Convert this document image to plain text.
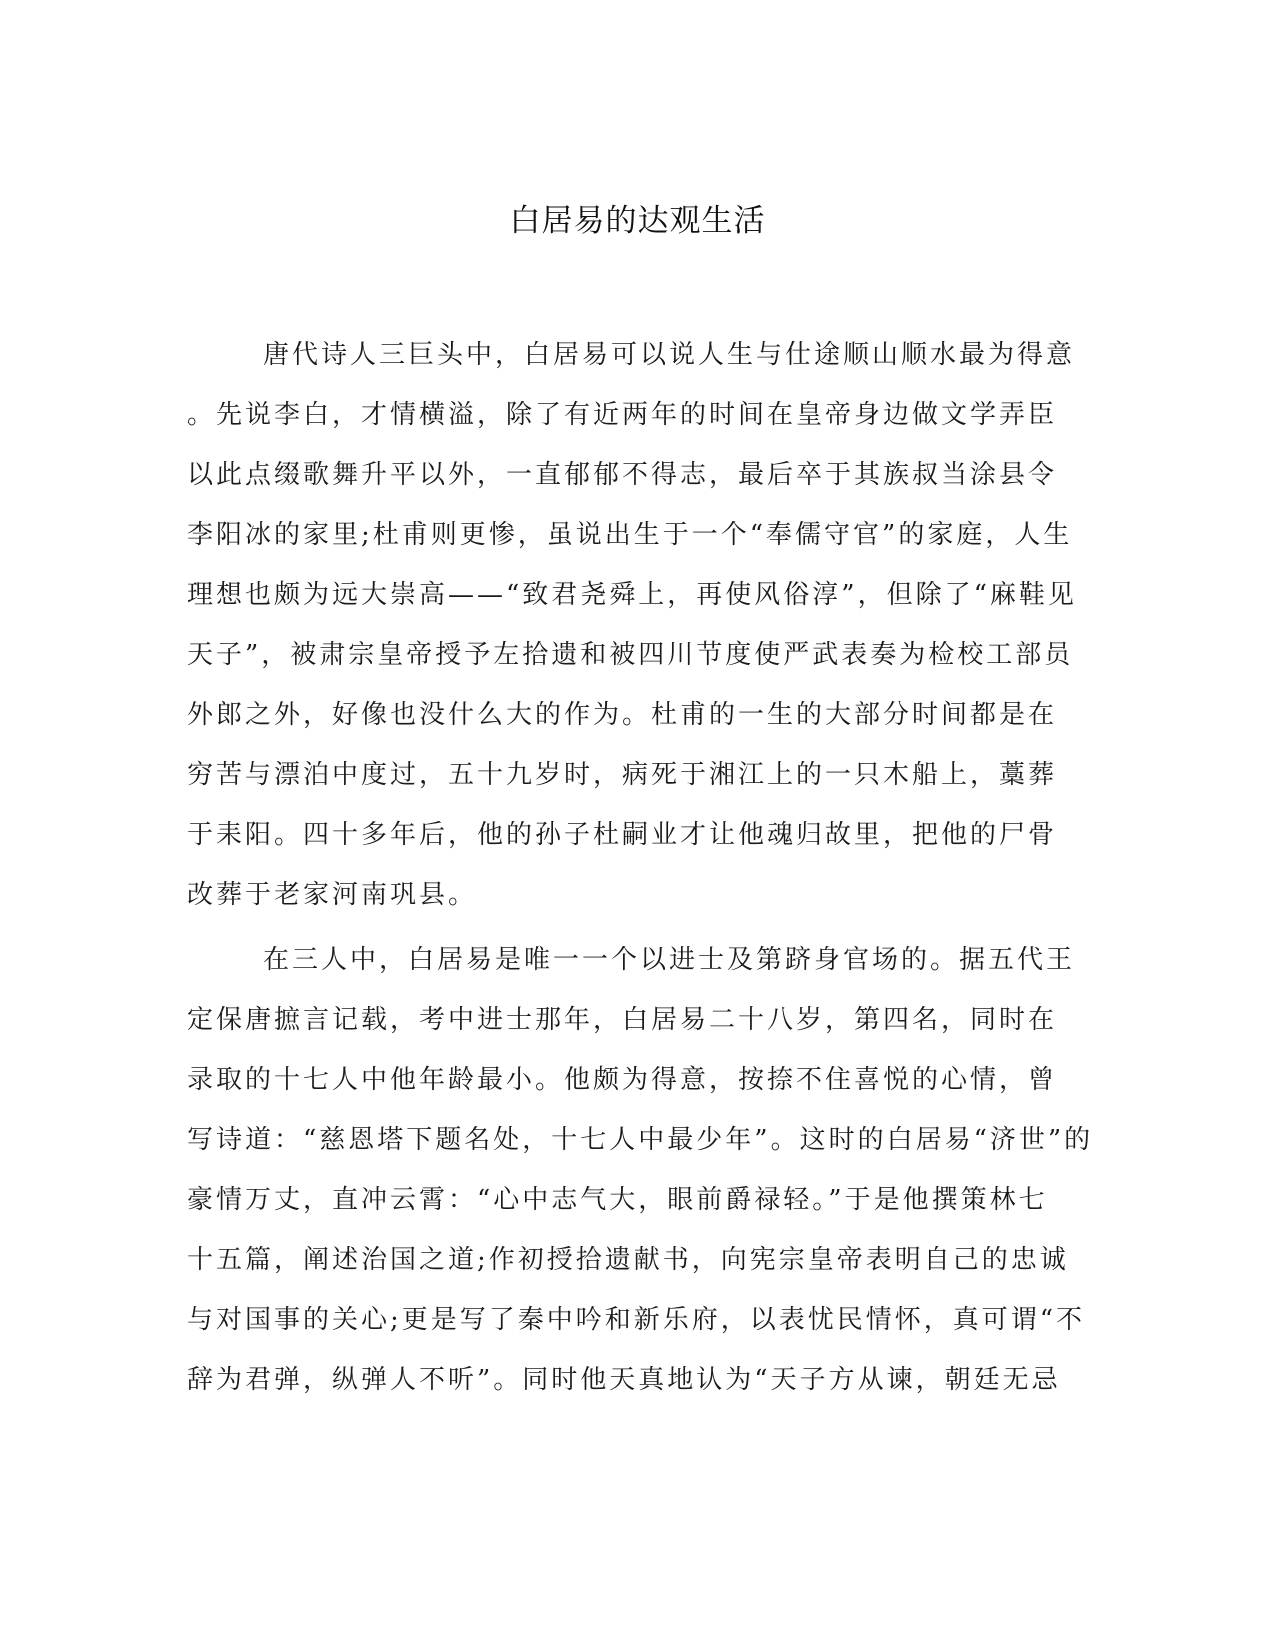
白居易的达观生活
唐代诗人三巨头中，白居易可以说人生与仕途顺山顺水最为得意
。先说李白，才情横溢，除了有近两年的时间在皇帝身边做文学弄臣
以此点缀歌舞升平以外，一直郁郁不得志，最后卒于其族叔当涂县令
李阳冰的家里;杜甫则更惨，虽说出生于一个“奉儒守官”的家庭，人生
理想也颇为远大崇高——“致君尧舜上，再使风俗淳”，但除了“麻鞋见
天子”，被肃宗皇帝授予左拾遗和被四川节度使严武表奏为检校工部员
外郎之外，好像也没什么大的作为。杜甫的一生的大部分时间都是在
穷苦与漂泊中度过，五十九岁时，病死于湘江上的一只木船上，藁葬
于耒阳。四十多年后，他的孙子杜嗣业才让他魂归故里，把他的尸骨
改葬于老家河南巩县。
在三人中，白居易是唯一一个以进士及第跻身官场的。据五代王
定保唐摭言记载，考中进士那年，白居易二十八岁，第四名，同时在
录取的十七人中他年龄最小。他颇为得意，按捺不住喜悦的心情，曾
写诗道：“慈恩塔下题名处，十七人中最少年”。这时的白居易“济世”的
豪情万丈，直冲云霄：“心中志气大，眼前爵禄轻。”于是他撰策林七
十五篇，阐述治国之道;作初授拾遗献书，向宪宗皇帝表明自己的忠诚
与对国事的关心;更是写了秦中吟和新乐府，以表忧民情怀，真可谓“不
辞为君弹，纵弹人不听”。同时他天真地认为“天子方从谏，朝廷无忌
